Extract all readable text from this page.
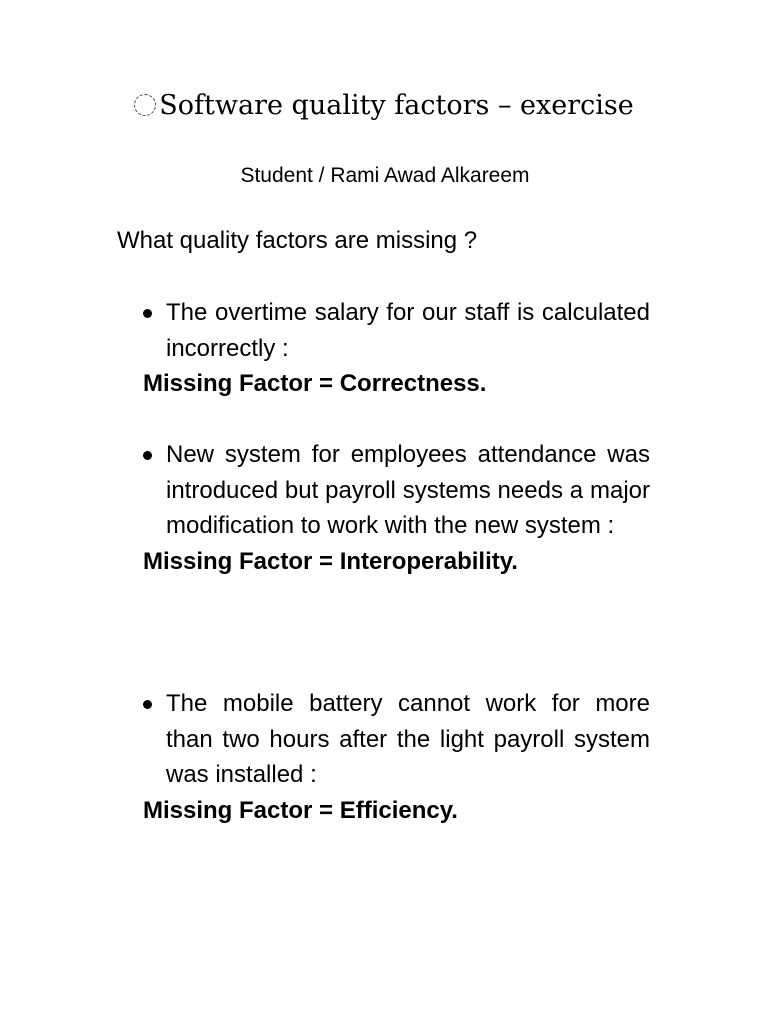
Software quality factors – exercise
Student / Rami Awad Alkareem
What quality factors are missing ?

The overtime salary for our staff is calculated incorrectly :

Missing Factor = Correctness.

New system for employees attendance was introduced but payroll systems needs a major modification to work with the new system :

Missing Factor = Interoperability.

The mobile battery cannot work for more than two hours after the light payroll system was installed :

Missing Factor = Efficiency.
